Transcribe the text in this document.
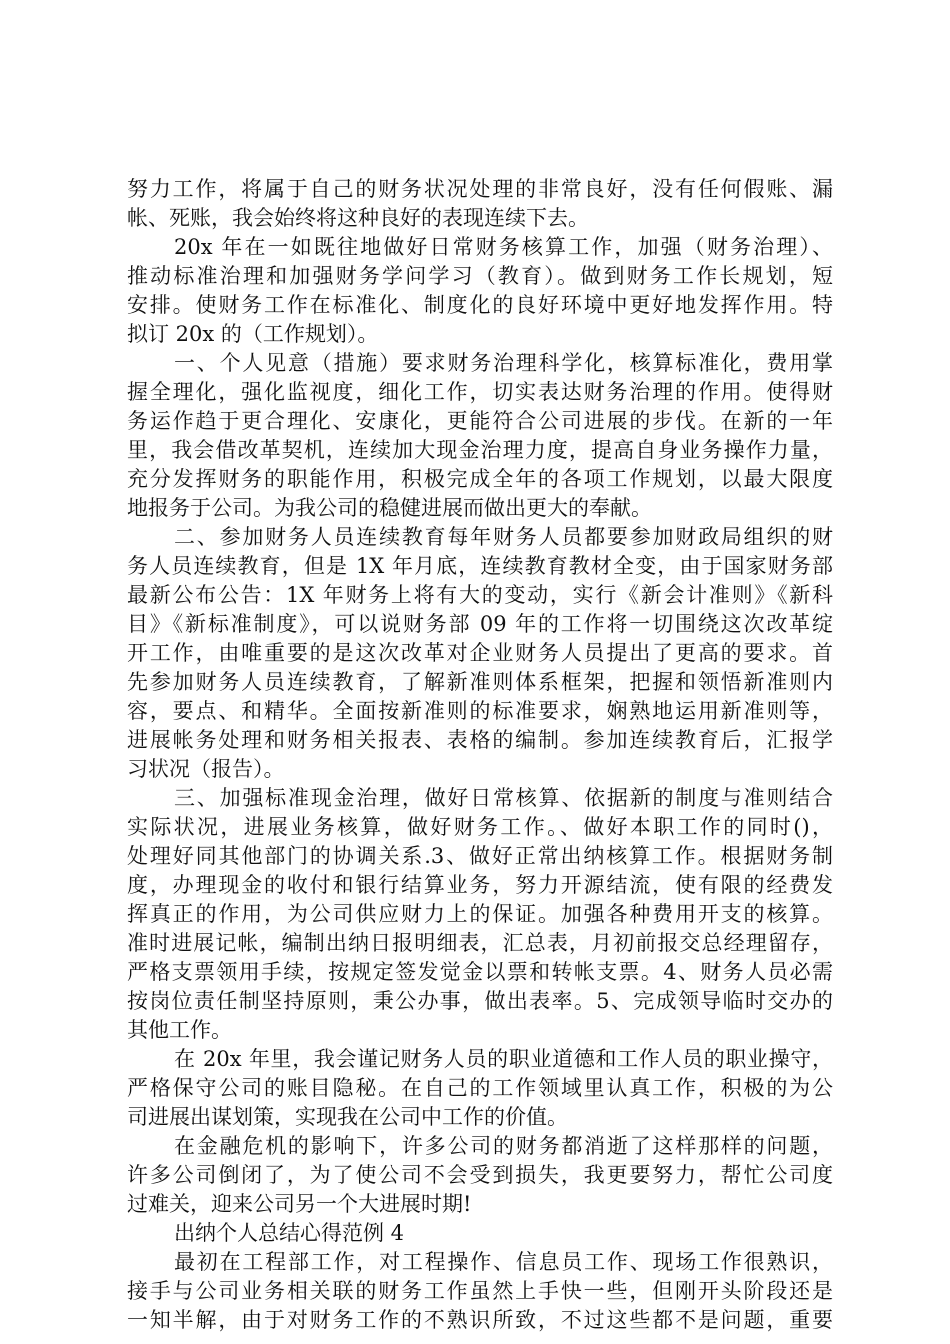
努力工作，将属于自己的财务状况处理的非常良好，没有任何假账、漏
帐、死账，我会始终将这种良好的表现连续下去。
20x 年在一如既往地做好日常财务核算工作，加强（财务治理）、
推动标准治理和加强财务学问学习（教育）。做到财务工作长规划，短
安排。使财务工作在标准化、制度化的良好环境中更好地发挥作用。特
拟订 20x 的（工作规划）。
一、个人见意（措施）要求财务治理科学化，核算标准化，费用掌
握全理化，强化监视度，细化工作，切实表达财务治理的作用。使得财
务运作趋于更合理化、安康化，更能符合公司进展的步伐。在新的一年
里，我会借改革契机，连续加大现金治理力度，提高自身业务操作力量，
充分发挥财务的职能作用，积极完成全年的各项工作规划，以最大限度
地报务于公司。为我公司的稳健进展而做出更大的奉献。
二、参加财务人员连续教育每年财务人员都要参加财政局组织的财
务人员连续教育，但是 1X 年月底，连续教育教材全变，由于国家财务部
最新公布公告：1X 年财务上将有大的变动，实行《新会计准则》《新科
目》《新标准制度》，可以说财务部 09 年的工作将一切围绕这次改革绽
开工作，由唯重要的是这次改革对企业财务人员提出了更高的要求。首
先参加财务人员连续教育，了解新准则体系框架，把握和领悟新准则内
容，要点、和精华。全面按新准则的标准要求，娴熟地运用新准则等，
进展帐务处理和财务相关报表、表格的编制。参加连续教育后，汇报学
习状况（报告）。
三、加强标准现金治理，做好日常核算、依据新的制度与准则结合
实际状况，进展业务核算，做好财务工作。、做好本职工作的同时()，
处理好同其他部门的协调关系.3、做好正常出纳核算工作。根据财务制
度，办理现金的收付和银行结算业务，努力开源结流，使有限的经费发
挥真正的作用，为公司供应财力上的保证。加强各种费用开支的核算。
准时进展记帐，编制出纳日报明细表，汇总表，月初前报交总经理留存，
严格支票领用手续，按规定签发觉金以票和转帐支票。4、财务人员必需
按岗位责任制坚持原则，秉公办事，做出表率。5、完成领导临时交办的
其他工作。
在 20x 年里，我会谨记财务人员的职业道德和工作人员的职业操守，
严格保守公司的账目隐秘。在自己的工作领域里认真工作，积极的为公
司进展出谋划策，实现我在公司中工作的价值。
在金融危机的影响下，许多公司的财务都消逝了这样那样的问题，
许多公司倒闭了，为了使公司不会受到损失，我更要努力，帮忙公司度
过难关，迎来公司另一个大进展时期!
出纳个人总结心得范例 4
最初在工程部工作，对工程操作、信息员工作、现场工作很熟识，
接手与公司业务相关联的财务工作虽然上手快一些，但刚开头阶段还是
一知半解，由于对财务工作的不熟识所致，不过这些都不是问题，重要
